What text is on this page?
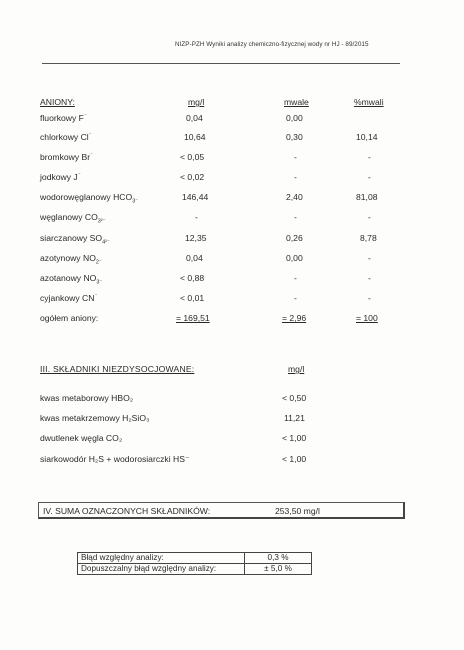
NIZP-PZH Wyniki analizy chemiczno-fizycznej wody nr HJ - 89/2015
ANIONY:	mg/l	mwale	%mwali
fluorkowy F⁻	0,04	0,00
chlorkowy Cl⁻	10,64	0,30	10,14
bromkowy Br⁻	< 0,05	-	-
jodkowy J⁻	< 0,02	-	-
wodorowęglanowy $HCO_{3^-}$	146,44	2,40	81,08
węglanowy $CO_{3^{2-}}$	-	-	-
siarczanowy $SO_{4^{2-}}$	12,35	0,26	8,78
azotynowy $NO_{2^-}$	0,04	0,00	-
azotanowy $NO_{3^-}$	< 0,88	-	-
cyjankowy CN⁻	< 0,01	-	-
ogółem aniony:	= 169,51	= 2,96	= 100
III. SKŁADNIKI NIEZDYSOCJOWANE:	mg/l
kwas metaborowy HBO₂	< 0,50
kwas metakrzemowy H₂SiO₃	11,21
dwutlenek węgla CO₂	< 1,00
siarkowodór H₂S + wodorosiarczki HS⁻	< 1,00
IV. SUMA OZNACZONYCH SKŁADNIKÓW:	253,50 mg/l
Błąd względny analizy:	0,3 %
Dopuszczalny błąd względny analizy:	± 5,0 %
